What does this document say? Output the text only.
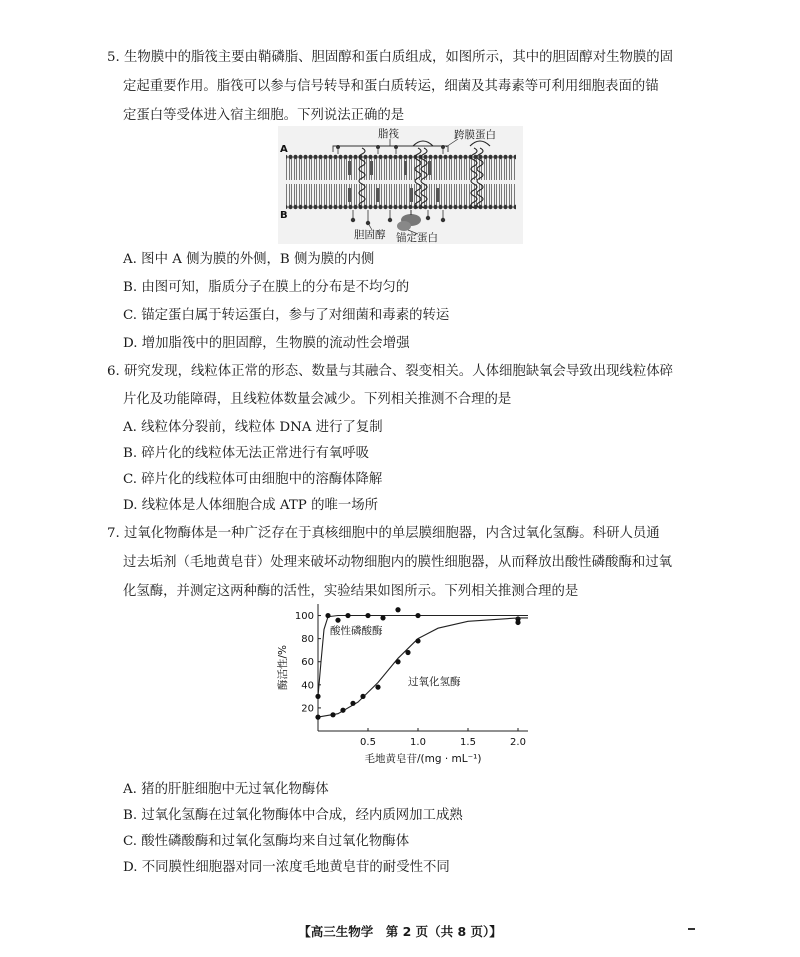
5. 生物膜中的脂筏主要由鞘磷脂、胆固醇和蛋白质组成，如图所示，其中的胆固醇对生物膜的固
定起重要作用。脂筏可以参与信号转导和蛋白质转运，细菌及其毒素等可利用细胞表面的锚
定蛋白等受体进入宿主细胞。下列说法正确的是
脂筏	跨膜蛋白
A
B
胆固醇 锚定蛋白
A. 图中 A 侧为膜的外侧，B 侧为膜的内侧
B. 由图可知，脂质分子在膜上的分布是不均匀的
C. 锚定蛋白属于转运蛋白，参与了对细菌和毒素的转运
D. 增加脂筏中的胆固醇，生物膜的流动性会增强
6. 研究发现，线粒体正常的形态、数量与其融合、裂变相关。人体细胞缺氧会导致出现线粒体碎
片化及功能障碍，且线粒体数量会减少。下列相关推测不合理的是
A. 线粒体分裂前，线粒体 DNA 进行了复制
B. 碎片化的线粒体无法正常进行有氧呼吸
C. 碎片化的线粒体可由细胞中的溶酶体降解
D. 线粒体是人体细胞合成 ATP 的唯一场所
7. 过氧化物酶体是一种广泛存在于真核细胞中的单层膜细胞器，内含过氧化氢酶。科研人员通
过去垢剂（毛地黄皂苷）处理来破坏动物细胞内的膜性细胞器，从而释放出酸性磷酸酶和过氧
化氢酶，并测定这两种酶的活性，实验结果如图所示。下列相关推测合理的是
20
40
60
80
100
0.5	1.0	1.5	2.0
毛地黄皂苷/(mg · mL⁻¹)
酶活性/%
酸性磷酸酶
过氧化氢酶
A. 猪的肝脏细胞中无过氧化物酶体
B. 过氧化氢酶在过氧化物酶体中合成，经内质网加工成熟
C. 酸性磷酸酶和过氧化氢酶均来自过氧化物酶体
D. 不同膜性细胞器对同一浓度毛地黄皂苷的耐受性不同
【高三生物学　第 2 页（共 8 页）】
